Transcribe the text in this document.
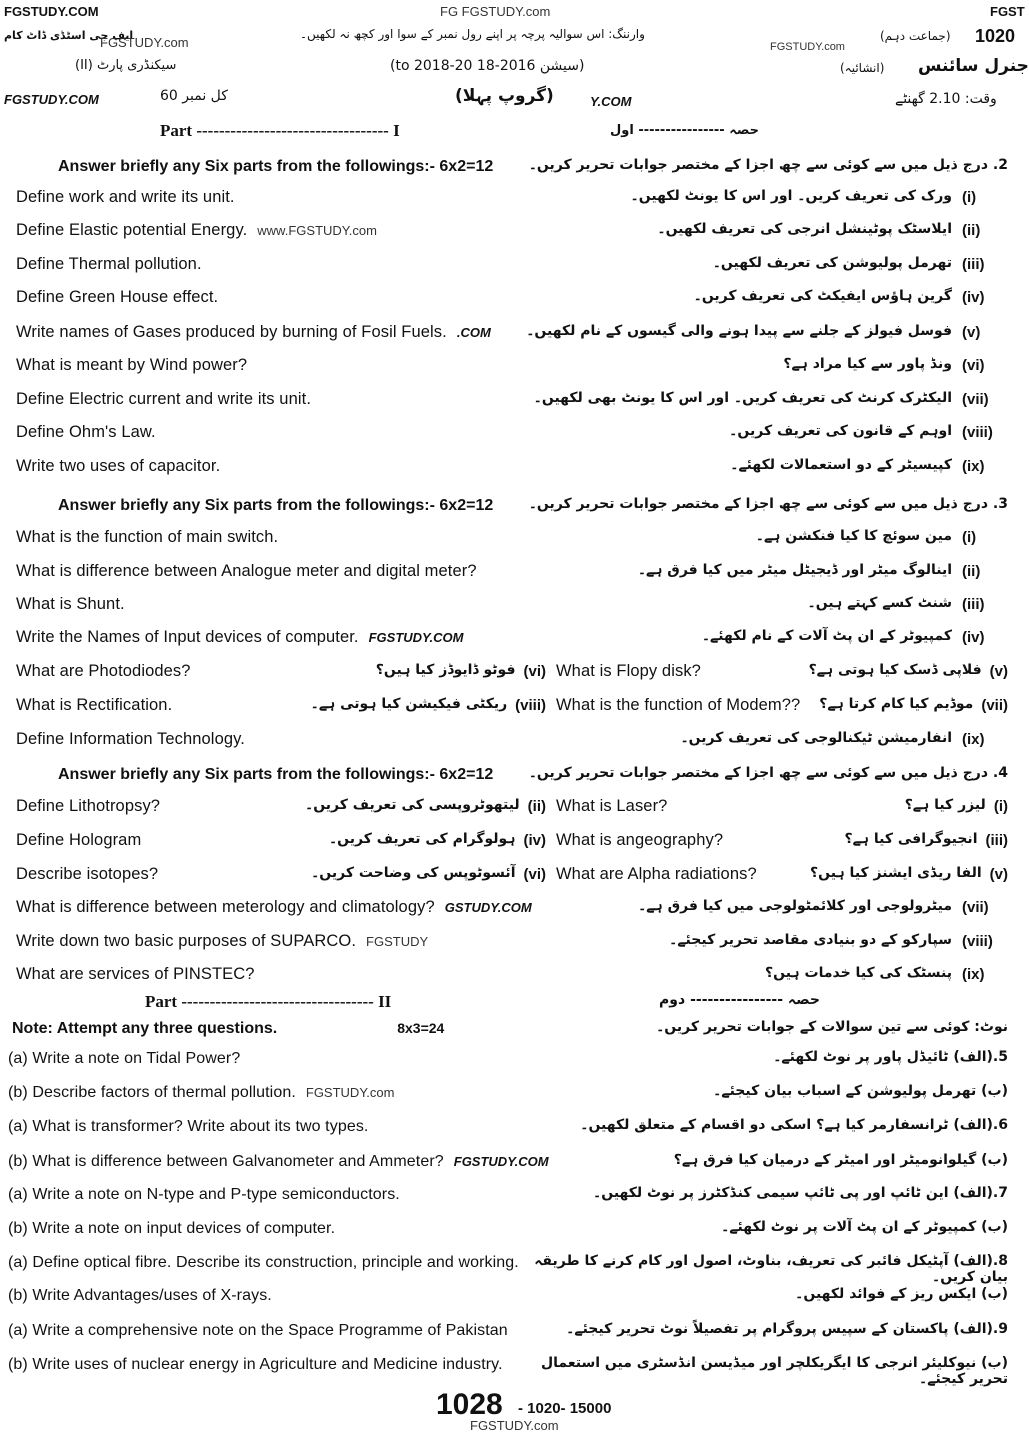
FGSTUDY.COM	FG FGSTUDY.com	FGST
ایف جی اسٹڈی ڈاٹ کام
FGSTUDY.com
وارننگ: اس سوالیہ پرچہ پر اپنے رول نمبر کے سوا اور کچھ نہ لکھیں۔
FGSTUDY.com
(جماعت دہم) 1020
سیکنڈری پارٹ (II)	(سیشن 2016-18 to 2018-20)	(انشائیہ) جنرل سائنس
FGSTUDY.COM	کل نمبر 60	(گروپ پہلا)	Y.COM	وقت: 2.10 گھنٹے
Part ---------------------------------- I	حصہ ---------------- اول
Answer briefly any Six parts from the followings:- 6x2=12	2. درج ذیل میں سے کوئی سے چھ اجزا کے مختصر جوابات تحریر کریں۔
Define work and write its unit.	ورک کی تعریف کریں۔ اور اس کا یونٹ لکھیں۔ (i)
Define Elastic potential Energy. www.FGSTUDY.com	ایلاسٹک پوٹینشل انرجی کی تعریف لکھیں۔ (ii)
Define Thermal pollution.	تھرمل پولیوشن کی تعریف لکھیں۔ (iii)
Define Green House effect.	گرین ہاؤس ایفیکٹ کی تعریف کریں۔ (iv)
Write names of Gases produced by burning of Fosil Fuels. .COM	فوسل فیولز کے جلنے سے پیدا ہونے والی گیسوں کے نام لکھیں۔ (v)
What is meant by Wind power?	ونڈ پاور سے کیا مراد ہے؟ (vi)
Define Electric current and write its unit.	الیکٹرک کرنٹ کی تعریف کریں۔ اور اس کا یونٹ بھی لکھیں۔ (vii)
Define Ohm's Law.	اوہم کے قانون کی تعریف کریں۔ (viii)
Write two uses of capacitor.	کپیسیٹر کے دو استعمالات لکھئے۔ (ix)
Answer briefly any Six parts from the followings:- 6x2=12	3. درج ذیل میں سے کوئی سے چھ اجزا کے مختصر جوابات تحریر کریں۔
What is the function of main switch.	مین سوئچ کا کیا فنکشن ہے۔ (i)
What is difference between Analogue meter and digital meter?	اینالوگ میٹر اور ڈیجیٹل میٹر میں کیا فرق ہے۔ (ii)
What is Shunt.	شنٹ کسے کہتے ہیں۔ (iii)
Write the Names of Input devices of computer. FGSTUDY.COM	کمپیوٹر کے ان پٹ آلات کے نام لکھئے۔ (iv)
What are Photodiodes?	فوٹو ڈایوڈز کیا ہیں؟ (vi) What is Flopy disk?	فلاپی ڈسک کیا ہوتی ہے؟ (v)
What is Rectification.	ریکٹی فیکیشن کیا ہوتی ہے۔ (viii) What is the function of Modem??	موڈیم کیا کام کرتا ہے؟ (vii)
Define Information Technology.	انفارمیشن ٹیکنالوجی کی تعریف کریں۔ (ix)
Answer briefly any Six parts from the followings:- 6x2=12	4. درج ذیل میں سے کوئی سے چھ اجزا کے مختصر جوابات تحریر کریں۔
Define Lithotropsy?	لیتھوٹروپسی کی تعریف کریں۔ (ii) What is Laser?	لیزر کیا ہے؟ (i)
Define Hologram	ہولوگرام کی تعریف کریں۔ (iv) What is angeography?	انجیوگرافی کیا ہے؟ (iii)
Describe isotopes?	آئسوٹوپس کی وضاحت کریں۔ (vi) What are Alpha radiations?	الفا ریڈی ایشنز کیا ہیں؟ (v)
What is difference between meterology and climatology? GSTUDY.COM	میٹرولوجی اور کلائمٹولوجی میں کیا فرق ہے۔ (vii)
Write down two basic purposes of SUPARCO. FGSTUDY	سپارکو کے دو بنیادی مقاصد تحریر کیجئے۔ (viii)
What are services of PINSTEC?	پنسٹک کی کیا خدمات ہیں؟ (ix)
Part ---------------------------------- II	حصہ ---------------- دوم
Note: Attempt any three questions.	8x3=24	نوٹ: کوئی سے تین سوالات کے جوابات تحریر کریں۔
(a) Write a note on Tidal Power?	5.(الف) ٹائیڈل پاور پر نوٹ لکھئے۔
(b) Describe factors of thermal pollution. FGSTUDY.com	(ب) تھرمل پولیوشن کے اسباب بیان کیجئے۔
(a) What is transformer? Write about its two types.	6.(الف) ٹرانسفارمر کیا ہے؟ اسکی دو اقسام کے متعلق لکھیں۔
(b) What is difference between Galvanometer and Ammeter? FGSTUDY.COM	(ب) گیلوانومیٹر اور امیٹر کے درمیان کیا فرق ہے؟
(a) Write a note on N-type and P-type semiconductors.	7.(الف) این ٹائپ اور پی ٹائپ سیمی کنڈکٹرز پر نوٹ لکھیں۔
(b) Write a note on input devices of computer.	(ب) کمپیوٹر کے ان پٹ آلات پر نوٹ لکھئے۔
(a) Define optical fibre. Describe its construction, principle and working.	8.(الف) آپٹیکل فائبر کی تعریف، بناوٹ، اصول اور کام کرنے کا طریقہ بیان کریں۔
(b) Write Advantages/uses of X-rays.	(ب) ایکس ریز کے فوائد لکھیں۔
(a) Write a comprehensive note on the Space Programme of Pakistan	9.(الف) پاکستان کے سپیس پروگرام پر تفصیلاً نوٹ تحریر کیجئے۔
(b) Write uses of nuclear energy in Agriculture and Medicine industry.	(ب) نیوکلیئر انرجی کا ایگریکلچر اور میڈیسن انڈسٹری میں استعمال تحریر کیجئے۔
1028 - 1020- 15000
FGSTUDY.com
